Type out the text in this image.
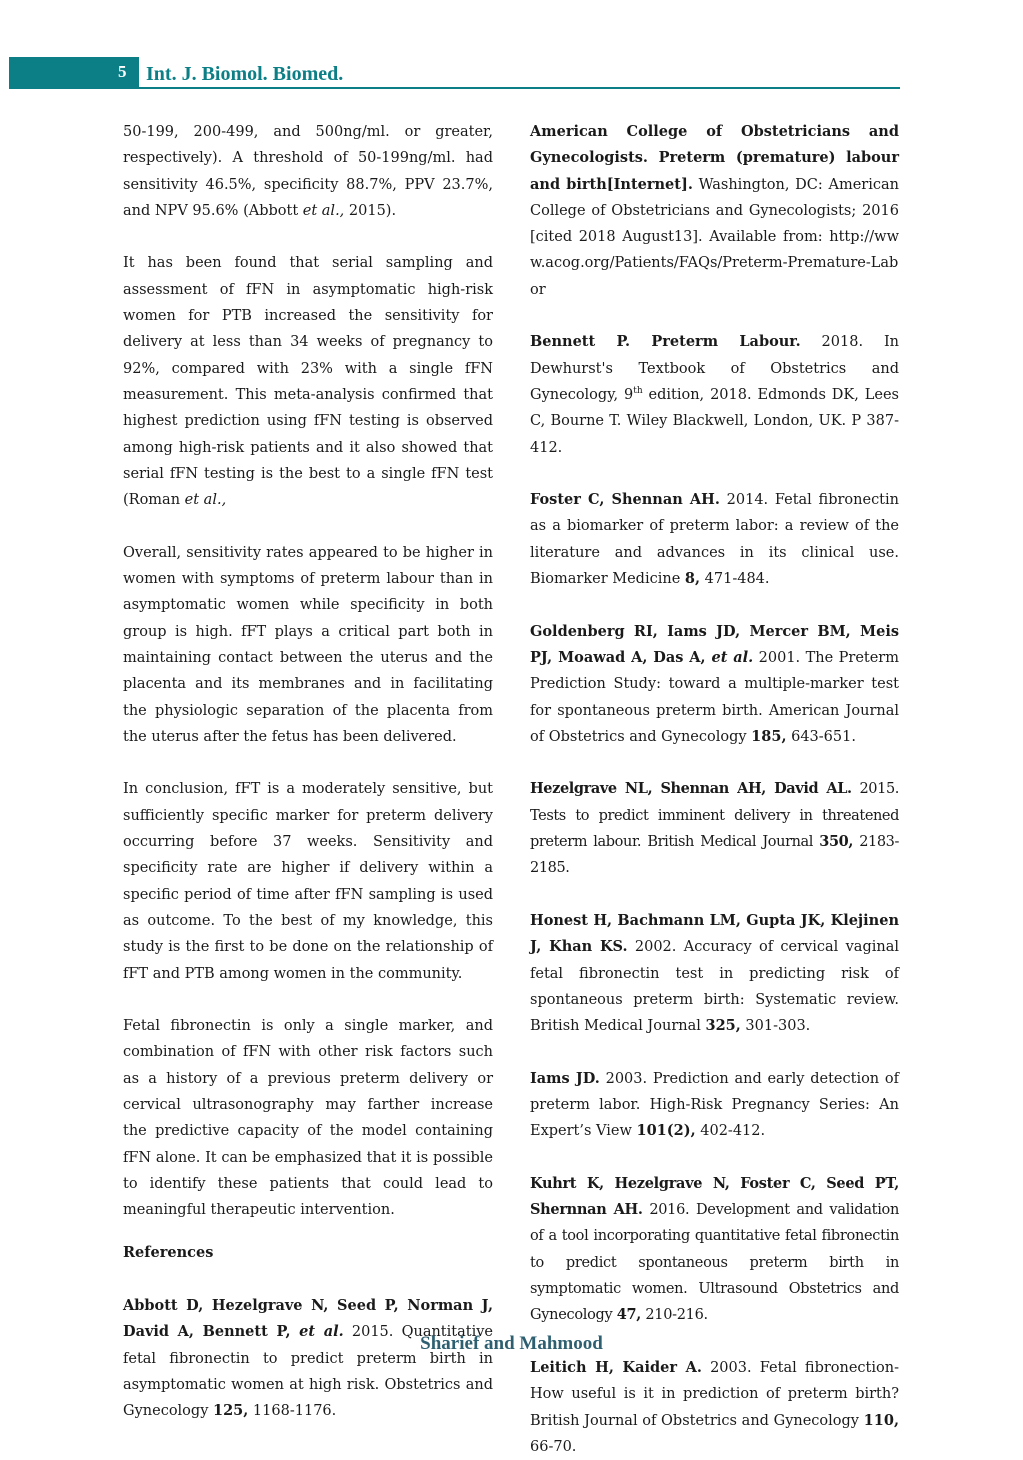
5 Int. J. Biomol. Biomed.

50-199, 200-499, and 500ng/ml. or greater, respectively). A threshold of 50-199ng/ml. had sensitivity 46.5%, specificity 88.7%, PPV 23.7%, and NPV 95.6% (Abbott et al., 2015).

It has been found that serial sampling and assessment of fFN in asymptomatic high-risk women for PTB increased the sensitivity for delivery at less than 34 weeks of pregnancy to 92%, compared with 23% with a single fFN measurement. This meta-analysis confirmed that highest prediction using fFN testing is observed among high-risk patients and it also showed that serial fFN testing is the best to a single fFN test (Roman et al.,

Overall, sensitivity rates appeared to be higher in women with symptoms of preterm labour than in asymptomatic women while specificity in both group is high. fFT plays a critical part both in maintaining contact between the uterus and the placenta and its membranes and in facilitating the physiologic separation of the placenta from the uterus after the fetus has been delivered.

In conclusion, fFT is a moderately sensitive, but sufficiently specific marker for preterm delivery occurring before 37 weeks. Sensitivity and specificity rate are higher if delivery within a specific period of time after fFN sampling is used as outcome. To the best of my knowledge, this study is the first to be done on the relationship of fFT and PTB among women in the community.

Fetal fibronectin is only a single marker, and combination of fFN with other risk factors such as a history of a previous preterm delivery or cervical ultrasonography may farther increase the predictive capacity of the model containing fFN alone. It can be emphasized that it is possible to identify these patients that could lead to meaningful therapeutic intervention.

References

Abbott D, Hezelgrave N, Seed P, Norman J, David A, Bennett P, et al. 2015. Quantitative fetal fibronectin to predict preterm birth in asymptomatic women at high risk. Obstetrics and Gynecology 125, 1168-1176.

American College of Obstetricians and Gynecologists. Preterm (premature) labour and birth[Internet]. Washington, DC: American College of Obstetricians and Gynecologists; 2016 [cited 2018 August13]. Available from: http://www.acog.org/Patients/FAQs/Preterm-Premature-Labor

Bennett P. Preterm Labour. 2018. In Dewhurst's Textbook of Obstetrics and Gynecology, 9th edition, 2018. Edmonds DK, Lees C, Bourne T. Wiley Blackwell, London, UK. P 387-412.

Foster C, Shennan AH. 2014. Fetal fibronectin as a biomarker of preterm labor: a review of the literature and advances in its clinical use. Biomarker Medicine 8, 471-484.

Goldenberg RI, Iams JD, Mercer BM, Meis PJ, Moawad A, Das A, et al. 2001. The Preterm Prediction Study: toward a multiple-marker test for spontaneous preterm birth. American Journal of Obstetrics and Gynecology 185, 643-651.

Hezelgrave NL, Shennan AH, David AL. 2015. Tests to predict imminent delivery in threatened preterm labour. British Medical Journal 350, 2183-2185.

Honest H, Bachmann LM, Gupta JK, Klejinen J, Khan KS. 2002. Accuracy of cervical vaginal fetal fibronectin test in predicting risk of spontaneous preterm birth: Systematic review. British Medical Journal 325, 301-303.

Iams JD. 2003. Prediction and early detection of preterm labor. High-Risk Pregnancy Series: An Expert’s View 101(2), 402-412.

Kuhrt K, Hezelgrave N, Foster C, Seed PT, Shernnan AH. 2016. Development and validation of a tool incorporating quantitative fetal fibronectin to predict spontaneous preterm birth in symptomatic women. Ultrasound Obstetrics and Gynecology 47, 210-216.

Leitich H, Kaider A. 2003. Fetal fibronection-How useful is it in prediction of preterm birth? British Journal of Obstetrics and Gynecology 110, 66-70.

Sharief and Mahmood
